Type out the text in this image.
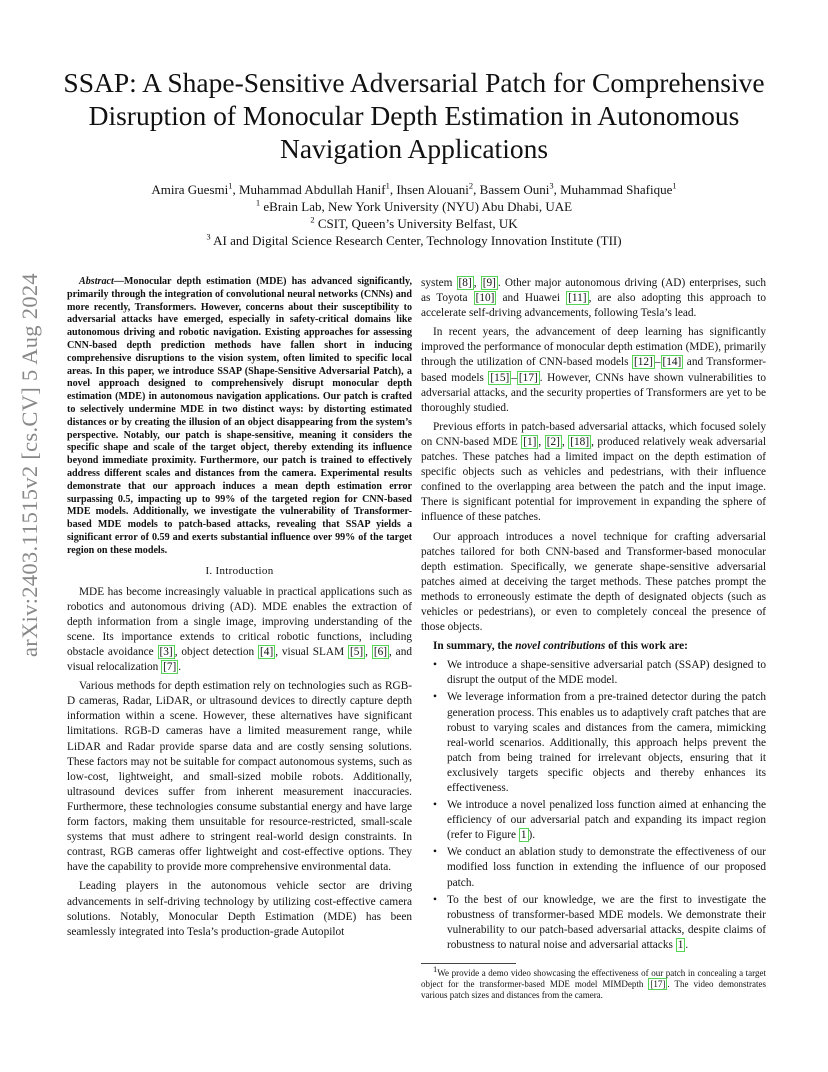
arXiv:2403.11515v2 [cs.CV] 5 Aug 2024
SSAP: A Shape-Sensitive Adversarial Patch for Comprehensive Disruption of Monocular Depth Estimation in Autonomous Navigation Applications
Amira Guesmi$^1$, Muhammad Abdullah Hanif$^1$, Ihsen Alouani$^2$, Bassem Ouni$^3$, Muhammad Shafique$^1$
$^1$ eBrain Lab, New York University (NYU) Abu Dhabi, UAE
$^2$ CSIT, Queen’s University Belfast, UK
$^3$ AI and Digital Science Research Center, Technology Innovation Institute (TII)

Abstract—Monocular depth estimation (MDE) has advanced significantly, primarily through the integration of convolutional neural networks (CNNs) and more recently, Transformers. However, concerns about their susceptibility to adversarial attacks have emerged, especially in safety-critical domains like autonomous driving and robotic navigation. Existing approaches for assessing CNN-based depth prediction methods have fallen short in inducing comprehensive disruptions to the vision system, often limited to specific local areas. In this paper, we introduce SSAP (Shape-Sensitive Adversarial Patch), a novel approach designed to comprehensively disrupt monocular depth estimation (MDE) in autonomous navigation applications. Our patch is crafted to selectively undermine MDE in two distinct ways: by distorting estimated distances or by creating the illusion of an object disappearing from the system’s perspective. Notably, our patch is shape-sensitive, meaning it considers the specific shape and scale of the target object, thereby extending its influence beyond immediate proximity. Furthermore, our patch is trained to effectively address different scales and distances from the camera. Experimental results demonstrate that our approach induces a mean depth estimation error surpassing 0.5, impacting up to 99% of the targeted region for CNN-based MDE models. Additionally, we investigate the vulnerability of Transformer-based MDE models to patch-based attacks, revealing that SSAP yields a significant error of 0.59 and exerts substantial influence over 99% of the target region on these models.

I. Introduction

MDE has become increasingly valuable in practical applications such as robotics and autonomous driving (AD). MDE enables the extraction of depth information from a single image, improving understanding of the scene. Its importance extends to critical robotic functions, including obstacle avoidance [3] , object detection [4] , visual SLAM [5] , [6] , and visual relocalization [7] .

Various methods for depth estimation rely on technologies such as RGB-D cameras, Radar, LiDAR, or ultrasound devices to directly capture depth information within a scene. However, these alternatives have significant limitations. RGB-D cameras have a limited measurement range, while LiDAR and Radar provide sparse data and are costly sensing solutions. These factors may not be suitable for compact autonomous systems, such as low-cost, lightweight, and small-sized mobile robots. Additionally, ultrasound devices suffer from inherent measurement inaccuracies. Furthermore, these technologies consume substantial energy and have large form factors, making them unsuitable for resource-restricted, small-scale systems that must adhere to stringent real-world design constraints. In contrast, RGB cameras offer lightweight and cost-effective options. They have the capability to provide more comprehensive environmental data.

Leading players in the autonomous vehicle sector are driving advancements in self-driving technology by utilizing cost-effective camera solutions. Notably, Monocular Depth Estimation (MDE) has been seamlessly integrated into Tesla’s production-grade Autopilot

system [8] , [9] . Other major autonomous driving (AD) enterprises, such as Toyota [10] and Huawei [11] , are also adopting this approach to accelerate self-driving advancements, following Tesla’s lead.

In recent years, the advancement of deep learning has significantly improved the performance of monocular depth estimation (MDE), primarily through the utilization of CNN-based models [12] – [14] and Transformer-based models [15] – [17] . However, CNNs have shown vulnerabilities to adversarial attacks, and the security properties of Transformers are yet to be thoroughly studied.

Previous efforts in patch-based adversarial attacks, which focused solely on CNN-based MDE [1] , [2] , [18] , produced relatively weak adversarial patches. These patches had a limited impact on the depth estimation of specific objects such as vehicles and pedestrians, with their influence confined to the overlapping area between the patch and the input image. There is significant potential for improvement in expanding the sphere of influence of these patches.

Our approach introduces a novel technique for crafting adversarial patches tailored for both CNN-based and Transformer-based monocular depth estimation. Specifically, we generate shape-sensitive adversarial patches aimed at deceiving the target methods. These patches prompt the methods to erroneously estimate the depth of designated objects (such as vehicles or pedestrians), or even to completely conceal the presence of those objects.

In summary, the novel contributions of this work are:

• We introduce a shape-sensitive adversarial patch (SSAP) designed to disrupt the output of the MDE model.
• We leverage information from a pre-trained detector during the patch generation process. This enables us to adaptively craft patches that are robust to varying scales and distances from the camera, mimicking real-world scenarios. Additionally, this approach helps prevent the patch from being trained for irrelevant objects, ensuring that it exclusively targets specific objects and thereby enhances its effectiveness.
• We introduce a novel penalized loss function aimed at enhancing the efficiency of our adversarial patch and expanding its impact region (refer to Figure 1 ).
• We conduct an ablation study to demonstrate the effectiveness of our modified loss function in extending the influence of our proposed patch.
• To the best of our knowledge, we are the first to investigate the robustness of transformer-based MDE models. We demonstrate their vulnerability to our patch-based adversarial attacks, despite claims of robustness to natural noise and adversarial attacks 1 .

$^1$We provide a demo video showcasing the effectiveness of our patch in concealing a target object for the transformer-based MDE model MIMDepth [17] . The video demonstrates various patch sizes and distances from the camera.
